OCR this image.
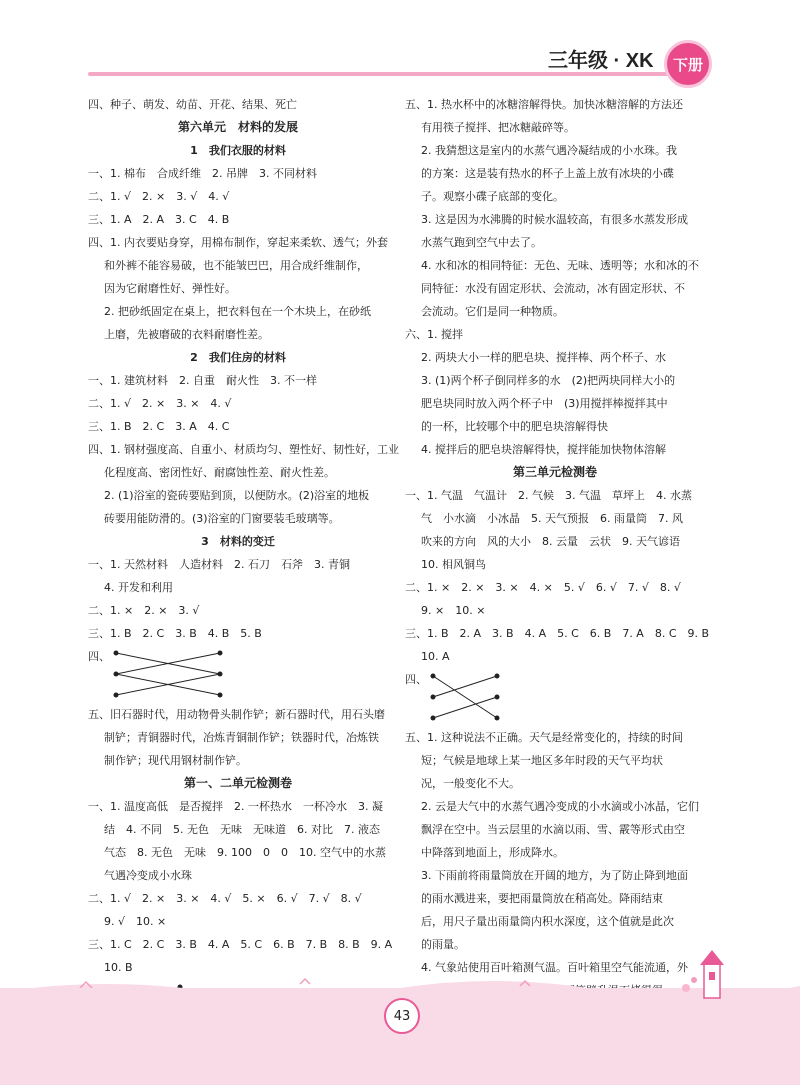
三年级 · XK	下册
四、种子、萌发、幼苗、开花、结果、死亡
第六单元　材料的发展
1　我们衣服的材料
一、1. 棉布　合成纤维　2. 吊牌　3. 不同材料
二、1. √　2. ×　3. √　4. √
三、1. A　2. A　3. C　4. B
四、1. 内衣要贴身穿，用棉布制作，穿起来柔软、透气；外套
和外裤不能容易破，也不能皱巴巴，用合成纤维制作，
因为它耐磨性好、弹性好。
2. 把砂纸固定在桌上，把衣料包在一个木块上，在砂纸
上磨，先被磨破的衣料耐磨性差。
2　我们住房的材料
一、1. 建筑材料　2. 自重　耐火性　3. 不一样
二、1. √　2. ×　3. ×　4. √
三、1. B　2. C　3. A　4. C
四、1. 钢材强度高、自重小、材质均匀、塑性好、韧性好，工业
化程度高、密闭性好、耐腐蚀性差、耐火性差。
2. (1)浴室的瓷砖要贴到顶，以便防水。(2)浴室的地板
砖要用能防滑的。(3)浴室的门窗要装毛玻璃等。
3　材料的变迁
一、1. 天然材料　人造材料　2. 石刀　石斧　3. 青铜
4. 开发和利用
二、1. ×　2. ×　3. √
三、1. B　2. C　3. B　4. B　5. B
四、
五、旧石器时代，用动物骨头制作铲；新石器时代，用石头磨
制铲；青铜器时代，冶炼青铜制作铲；铁器时代，冶炼铁
制作铲；现代用钢材制作铲。
第一、二单元检测卷
一、1. 温度高低　是否搅拌　2. 一杯热水　一杯冷水　3. 凝
结　4. 不同　5. 无色　无味　无味道　6. 对比　7. 液态
气态　8. 无色　无味　9. 100　0　0　10. 空气中的水蒸
气遇冷变成小水珠
二、1. √　2. ×　3. ×　4. √　5. ×　6. √　7. √　8. √
9. √　10. ×
三、1. C　2. C　3. B　4. A　5. C　6. B　7. B　8. B　9. A
10. B
五、1. 热水杯中的冰糖溶解得快。加快冰糖溶解的方法还
有用筷子搅拌、把冰糖敲碎等。
2. 我猜想这是室内的水蒸气遇冷凝结成的小水珠。我
的方案：这是装有热水的杯子上盖上放有冰块的小碟
子。观察小碟子底部的变化。
3. 这是因为水沸腾的时候水温较高，有很多水蒸发形成
水蒸气跑到空气中去了。
4. 水和冰的相同特征：无色、无味、透明等；水和冰的不
同特征：水没有固定形状、会流动，冰有固定形状、不
会流动。它们是同一种物质。
六、1. 搅拌
2. 两块大小一样的肥皂块、搅拌棒、两个杯子、水
3. (1)两个杯子倒同样多的水　(2)把两块同样大小的
肥皂块同时放入两个杯子中　(3)用搅拌棒搅拌其中
的一杯，比较哪个中的肥皂块溶解得快
4. 搅拌后的肥皂块溶解得快，搅拌能加快物体溶解
第三单元检测卷
一、1. 气温　气温计　2. 气候　3. 气温　草坪上　4. 水蒸
气　小水滴　小冰晶　5. 天气预报　6. 雨量筒　7. 风
吹来的方向　风的大小　8. 云量　云状　9. 天气谚语
10. 相风铜鸟
二、1. ×　2. ×　3. ×　4. ×　5. √　6. √　7. √　8. √
9. ×　10. ×
三、1. B　2. A　3. B　4. A　5. C　6. B　7. A　8. C　9. B
10. A
四、
五、1. 这种说法不正确。天气是经常变化的，持续的时间
短；气候是地球上某一地区多年时段的天气平均状
况，一般变化不大。
2. 云是大气中的水蒸气遇冷变成的小水滴或小冰晶，它们
飘浮在空中。当云层里的水滴以雨、雪、霰等形式由空
中降落到地面上，形成降水。
3. 下雨前将雨量筒放在开阔的地方，为了防止降到地面
的雨水溅进来，要把雨量筒放在稍高处。降雨结束
后，用尺子量出雨量筒内积水深度，这个值就是此次
的雨量。
4. 气象站使用百叶箱测气温。百叶箱里空气能流通，外
43
